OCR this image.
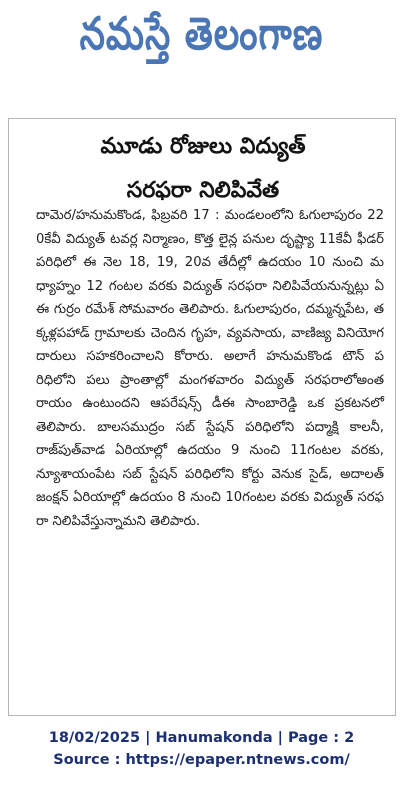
నమస్తే తెలంగాణ
మూడు రోజులు విద్యుత్
సరఫరా నిలిపివేత

దామెర/హనుమకొండ, ఫిబ్రవరి 17 : మండలంలోని ఓగులాపురం 220కేవీ విద్యుత్ టవర్ల నిర్మాణం, కొత్త లైన్ల పనుల దృష్ట్యా 11కేవీ ఫీడర్ పరిధిలో ఈ నెల 18, 19, 20వ తేదీల్లో ఉదయం 10 నుంచి మధ్యాహ్నం 12 గంటల వరకు విద్యుత్ సరఫరా నిలిపివేయనున్నట్లు ఏఈ గుర్రం రమేశ్ సోమవారం తెలిపారు. ఓగులాపురం, దమ్మన్నపేట, తక్కళ్లపహాడ్ గ్రామాలకు చెందిన గృహ, వ్యవసాయ, వాణిజ్య వినియోగదారులు సహకరించాలని కోరారు. అలాగే హనుమకొండ టౌన్ పరిధిలోని పలు ప్రాంతాల్లో మంగళవారం విద్యుత్ సరఫరాలోఅంతరాయం ఉంటుందని ఆపరేషన్స్ డీఈ సాంబారెడ్డి ఒక ప్రకటనలో తెలిపారు. బాలసముద్రం సబ్ స్టేషన్ పరిధిలోని పద్మాక్షి కాలనీ, రాజ్‌పుత్‌వాడ ఏరియాల్లో ఉదయం 9 నుంచి 11గంటల వరకు, న్యూశాయంపేట సబ్ స్టేషన్ పరిధిలోని కోర్టు వెనుక సైడ్, అదాలత్ జంక్షన్ ఏరియాల్లో ఉదయం 8 నుంచి 10గంటల వరకు విద్యుత్ సరఫరా నిలిపివేస్తున్నామని తెలిపారు.

18/02/2025 | Hanumakonda | Page : 2
Source : https://epaper.ntnews.com/
